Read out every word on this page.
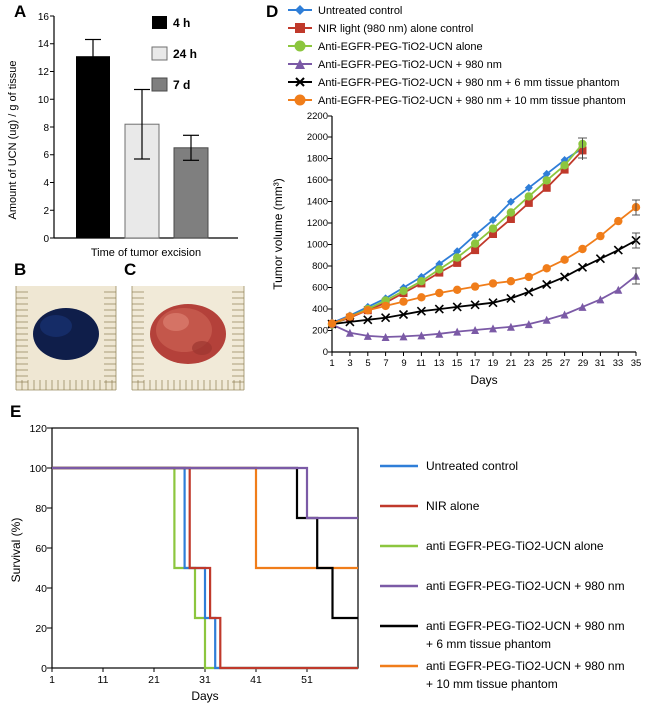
A
Amount of UCN (ug) / g of tissue
0
2
4
6
8
10
12
14
16
Time of tumor excision
4 h
24 h
7 d
B	C
D	Untreated control
NIR light (980 nm) alone control
Anti-EGFR-PEG-TiO2-UCN alone
Anti-EGFR-PEG-TiO2-UCN + 980 nm
Anti-EGFR-PEG-TiO2-UCN + 980 nm + 6 mm tissue phantom
Anti-EGFR-PEG-TiO2-UCN + 980 nm + 10 mm tissue phantom
0
200
400
600
800
1000
1200
1400
1600
1800
2000
2200
1 3 5 7 9 11 13 15 17 19 21 23 25 27 29 31 33 35
Days
Tumor volume (mm³)
E
0
20
40
60
80
100
120
1	11	21	31	41	51
Days
Survival (%)
Untreated control
NIR alone
anti EGFR-PEG-TiO2-UCN alone
anti EGFR-PEG-TiO2-UCN + 980 nm
anti EGFR-PEG-TiO2-UCN + 980 nm
+ 6 mm tissue phantom
anti EGFR-PEG-TiO2-UCN + 980 nm
+ 10 mm tissue phantom
